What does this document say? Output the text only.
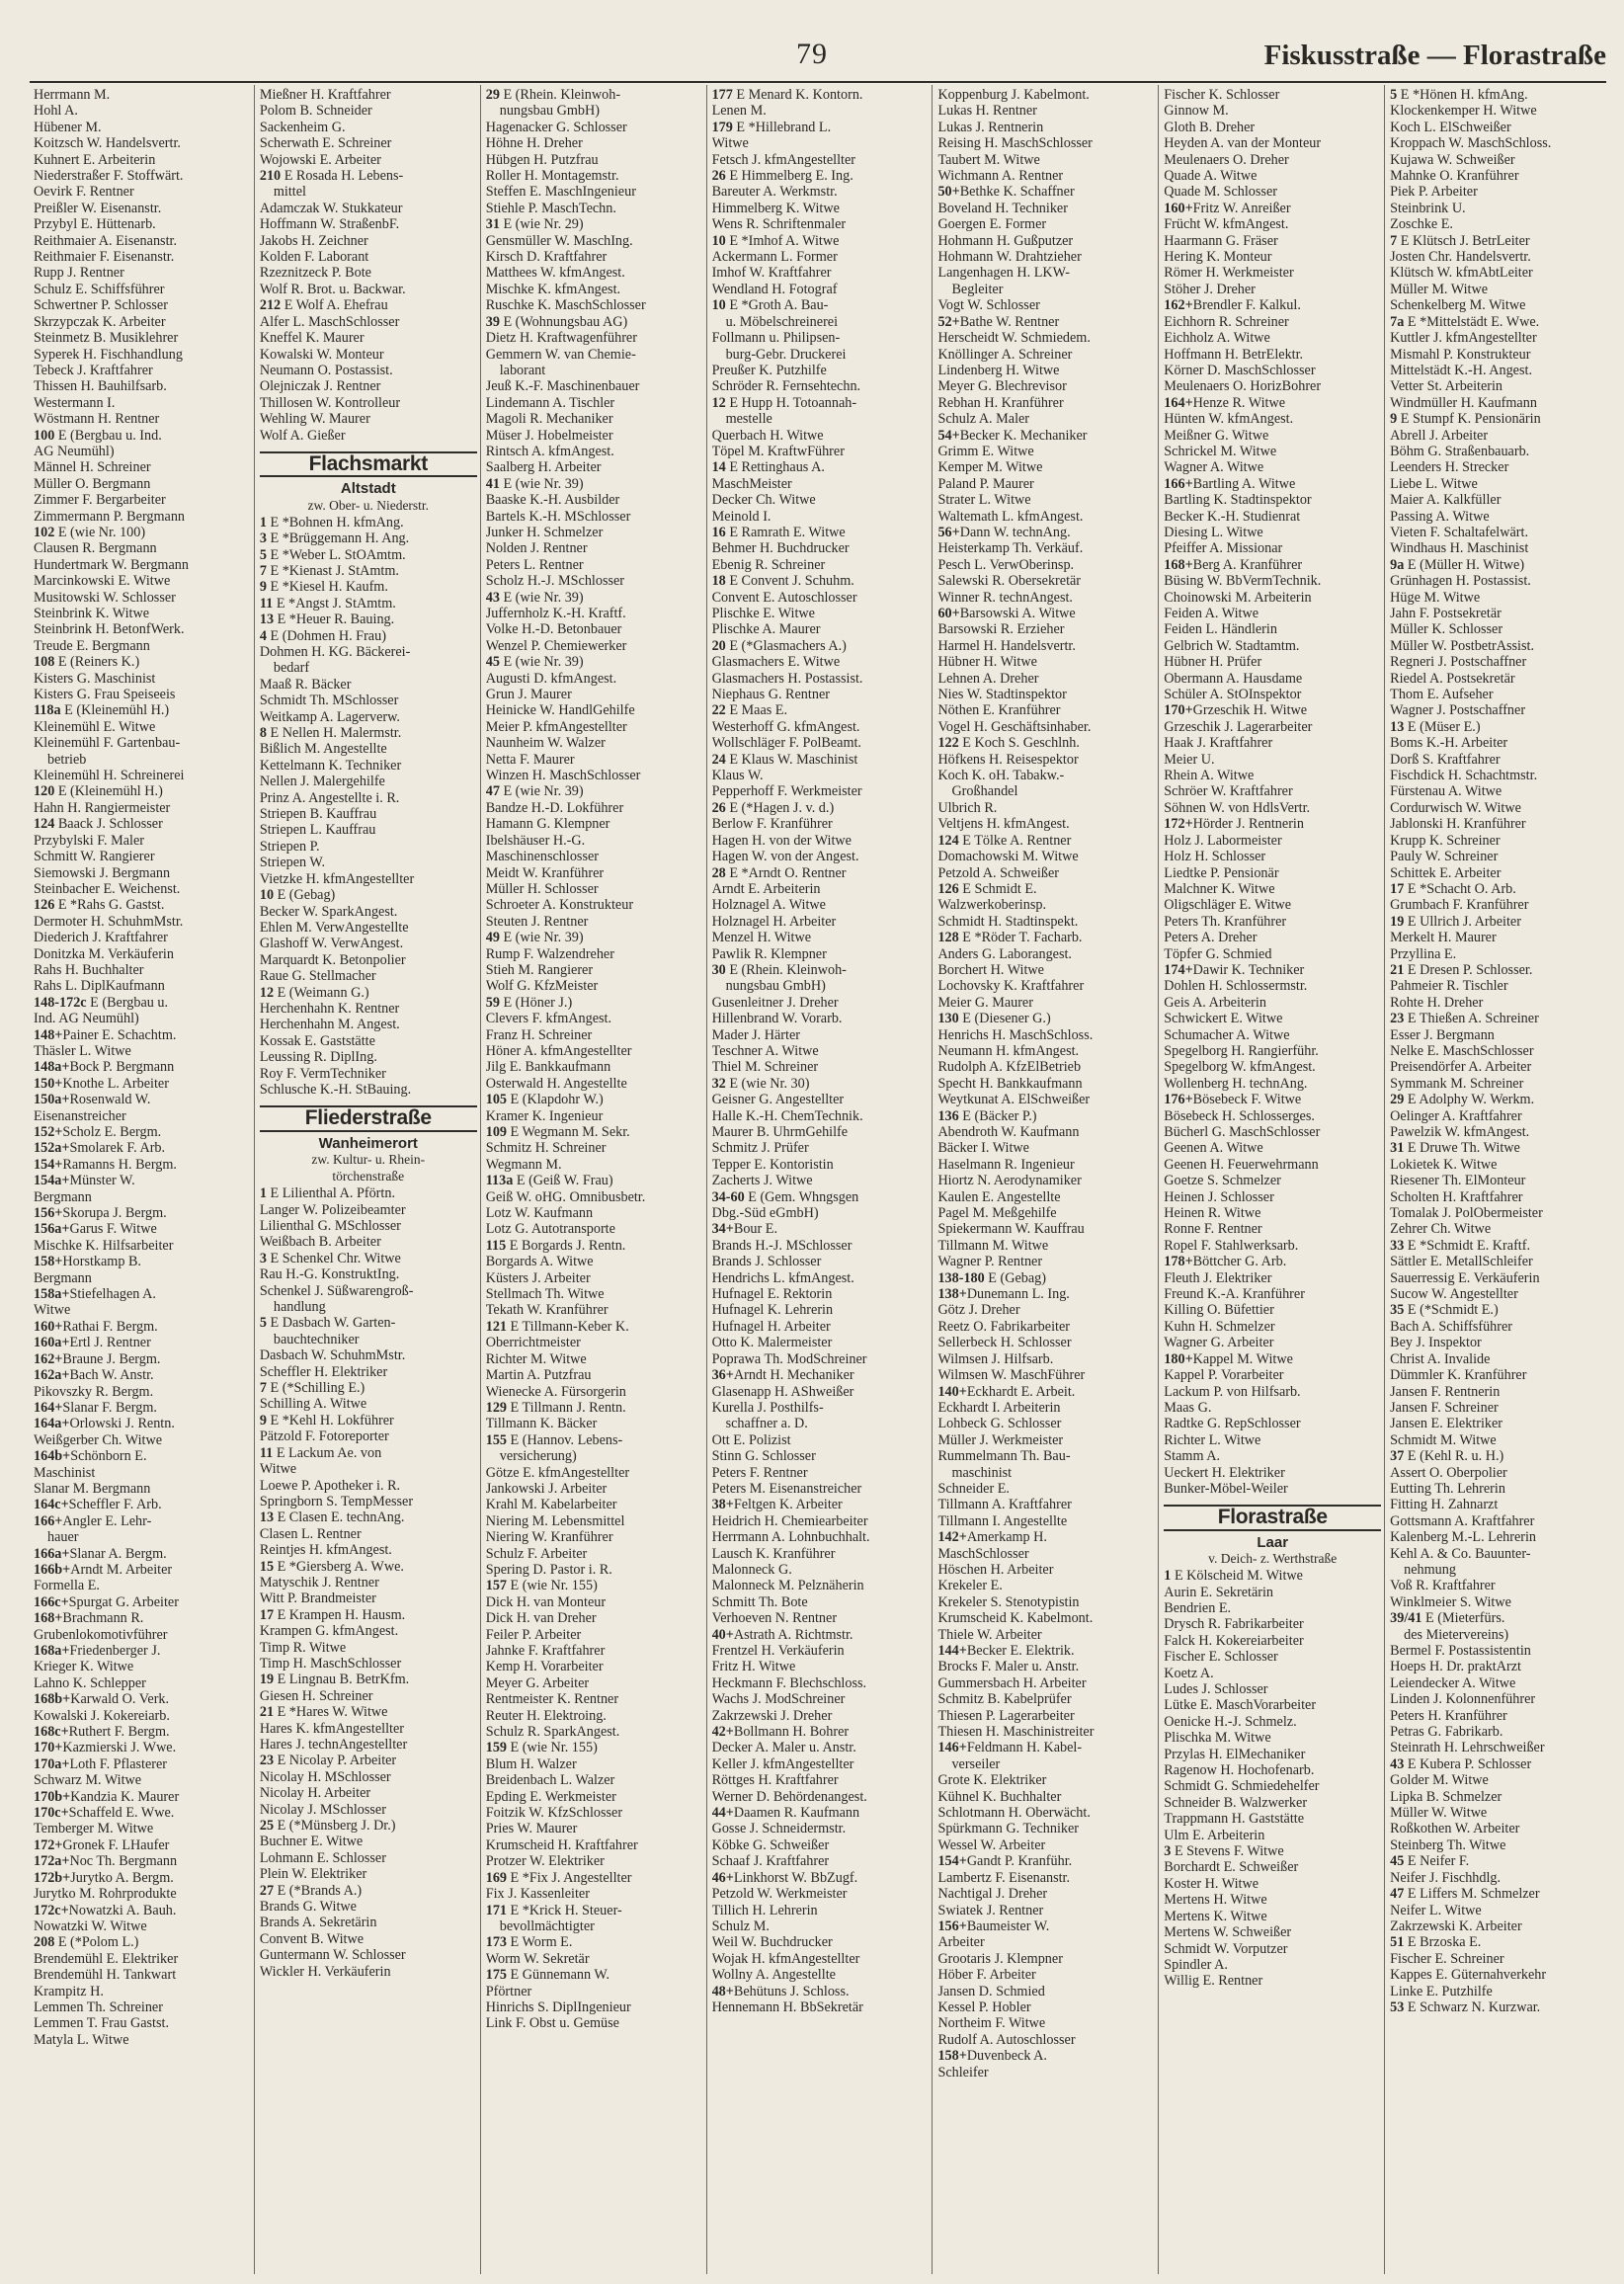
79	Fiskusstraße — Florastraße
Herrmann M.
Hohl A.
Hübener M.
Koitzsch W. Handelsvertr.
Kuhnert E. Arbeiterin
Niederstraßer F. Stoffwärt.
Oevirk F. Rentner
Preißler W. Eisenanstr.
Przybyl E. Hüttenarb.
Reithmaier A. Eisenanstr.
Reithmaier F. Eisenanstr.
Rupp J. Rentner
Schulz E. Schiffsführer
Schwertner P. Schlosser
Skrzypczak K. Arbeiter
Steinmetz B. Musiklehrer
Syperek H. Fischhandlung
Tebeck J. Kraftfahrer
Thissen H. Bauhilfsarb.
Westermann I.
Wöstmann H. Rentner
100 E (Bergbau u. Ind.
AG Neumühl)
Männel H. Schreiner
Müller O. Bergmann
Zimmer F. Bergarbeiter
Zimmermann P. Bergmann
102 E (wie Nr. 100)
Clausen R. Bergmann
Hundertmark W. Bergmann
Marcinkowski E. Witwe
Musitowski W. Schlosser
Steinbrink K. Witwe
Steinbrink H. BetonfWerk.
Treude E. Bergmann
108 E (Reiners K.)
Kisters G. Maschinist
Kisters G. Frau Speiseeis
118a E (Kleinemühl H.)
Kleinemühl E. Witwe
Kleinemühl F. Gartenbau-
betrieb
Kleinemühl H. Schreinerei
120 E (Kleinemühl H.)
Hahn H. Rangiermeister
124 Baack J. Schlosser
Przybylski F. Maler
Schmitt W. Rangierer
Siemowski J. Bergmann
Steinbacher E. Weichenst.
126 E *Rahs G. Gastst.
Dermoter H. SchuhmMstr.
Diederich J. Kraftfahrer
Donitzka M. Verkäuferin
Rahs H. Buchhalter
Rahs L. DiplKaufmann
148-172c E (Bergbau u.
Ind. AG Neumühl)
148+Painer E. Schachtm.
Thäsler L. Witwe
148a+Bock P. Bergmann
150+Knothe L. Arbeiter
150a+Rosenwald W.
Eisenanstreicher
152+Scholz E. Bergm.
152a+Smolarek F. Arb.
154+Ramanns H. Bergm.
154a+Münster W.
Bergmann
156+Skorupa J. Bergm.
156a+Garus F. Witwe
Mischke K. Hilfsarbeiter
158+Horstkamp B.
Bergmann
158a+Stiefelhagen A.
Witwe
160+Rathai F. Bergm.
160a+Ertl J. Rentner
162+Braune J. Bergm.
162a+Bach W. Anstr.
Pikovszky R. Bergm.
164+Slanar F. Bergm.
164a+Orlowski J. Rentn.
Weißgerber Ch. Witwe
164b+Schönborn E.
Maschinist
Slanar M. Bergmann
164c+Scheffler F. Arb.
166+Angler E. Lehr-
hauer
166a+Slanar A. Bergm.
166b+Arndt M. Arbeiter
Formella E.
166c+Spurgat G. Arbeiter
168+Brachmann R.
Grubenlokomotivführer
168a+Friedenberger J.
Krieger K. Witwe
Lahno K. Schlepper
168b+Karwald O. Verk.
Kowalski J. Kokereiarb.
168c+Ruthert F. Bergm.
170+Kazmierski J. Wwe.
170a+Loth F. Pflasterer
Schwarz M. Witwe
170b+Kandzia K. Maurer
170c+Schaffeld E. Wwe.
Temberger M. Witwe
172+Gronek F. LHaufer
172a+Noc Th. Bergmann
172b+Jurytko A. Bergm.
Jurytko M. Rohrprodukte
172c+Nowatzki A. Bauh.
Nowatzki W. Witwe
208 E (*Polom L.)
Brendemühl E. Elektriker
Brendemühl H. Tankwart
Krampitz H.
Lemmen Th. Schreiner
Lemmen T. Frau Gastst.
Matyla L. Witwe
Mießner H. Kraftfahrer
Polom B. Schneider
Sackenheim G.
Scherwath E. Schreiner
Wojowski E. Arbeiter
210 E Rosada H. Lebens-
mittel
Adamczak W. Stukkateur
Hoffmann W. StraßenbF.
Jakobs H. Zeichner
Kolden F. Laborant
Rzeznitzeck P. Bote
Wolf R. Brot. u. Backwar.
212 E Wolf A. Ehefrau
Alfer L. MaschSchlosser
Kneffel K. Maurer
Kowalski W. Monteur
Neumann O. Postassist.
Olejniczak J. Rentner
Thillosen W. Kontrolleur
Wehling W. Maurer
Wolf A. Gießer
Flachsmarkt
Altstadt
zw. Ober- u. Niederstr.
1 E *Bohnen H. kfmAng.
3 E *Brüggemann H. Ang.
5 E *Weber L. StOAmtm.
7 E *Kienast J. StAmtm.
9 E *Kiesel H. Kaufm.
11 E *Angst J. StAmtm.
13 E *Heuer R. Bauing.
4 E (Dohmen H. Frau)
Dohmen H. KG. Bäckerei-
bedarf
Maaß R. Bäcker
Schmidt Th. MSchlosser
Weitkamp A. Lagerverw.
8 E Nellen H. Malermstr.
Bißlich M. Angestellte
Kettelmann K. Techniker
Nellen J. Malergehilfe
Prinz A. Angestellte i. R.
Striepen B. Kauffrau
Striepen L. Kauffrau
Striepen P.
Striepen W.
Vietzke H. kfmAngestellter
10 E (Gebag)
Becker W. SparkAngest.
Ehlen M. VerwAngestellte
Glashoff W. VerwAngest.
Marquardt K. Betonpolier
Raue G. Stellmacher
12 E (Weimann G.)
Herchenhahn K. Rentner
Herchenhahn M. Angest.
Kossak E. Gaststätte
Leussing R. DiplIng.
Roy F. VermTechniker
Schlusche K.-H. StBauing.
Fliederstraße
Wanheimerort
zw. Kultur- u. Rhein-
törchenstraße
1 E Lilienthal A. Pförtn.
Langer W. Polizeibeamter
Lilienthal G. MSchlosser
Weißbach B. Arbeiter
3 E Schenkel Chr. Witwe
Rau H.-G. KonstruktIng.
Schenkel J. Süßwarengroß-
handlung
5 E Dasbach W. Garten-
bauchtechniker
Dasbach W. SchuhmMstr.
Scheffler H. Elektriker
7 E (*Schilling E.)
Schilling A. Witwe
9 E *Kehl H. Lokführer
Pätzold F. Fotoreporter
11 E Lackum Ae. von
Witwe
Loewe P. Apotheker i. R.
Springborn S. TempMesser
13 E Clasen E. technAng.
Clasen L. Rentner
Reintjes H. kfmAngest.
15 E *Giersberg A. Wwe.
Matyschik J. Rentner
Witt P. Brandmeister
17 E Krampen H. Hausm.
Krampen G. kfmAngest.
Timp R. Witwe
Timp H. MaschSchlosser
19 E Lingnau B. BetrKfm.
Giesen H. Schreiner
21 E *Hares W. Witwe
Hares K. kfmAngestellter
Hares J. technAngestellter
23 E Nicolay P. Arbeiter
Nicolay H. MSchlosser
Nicolay H. Arbeiter
Nicolay J. MSchlosser
25 E (*Münsberg J. Dr.)
Buchner E. Witwe
Lohmann E. Schlosser
Plein W. Elektriker
27 E (*Brands A.)
Brands G. Witwe
Brands A. Sekretärin
Convent B. Witwe
Guntermann W. Schlosser
Wickler H. Verkäuferin
29 E (Rhein. Kleinwoh-
nungsbau GmbH)
Hagenacker G. Schlosser
Höhne H. Dreher
Hübgen H. Putzfrau
Roller H. Montagemstr.
Steffen E. MaschIngenieur
Stiehle P. MaschTechn.
31 E (wie Nr. 29)
Gensmüller W. MaschIng.
Kirsch D. Kraftfahrer
Matthees W. kfmAngest.
Mischke K. kfmAngest.
Ruschke K. MaschSchlosser
39 E (Wohnungsbau AG)
Dietz H. Kraftwagenführer
Gemmern W. van Chemie-
laborant
Jeuß K.-F. Maschinenbauer
Lindemann A. Tischler
Magoli R. Mechaniker
Müser J. Hobelmeister
Rintsch A. kfmAngest.
Saalberg H. Arbeiter
41 E (wie Nr. 39)
Baaske K.-H. Ausbilder
Bartels K.-H. MSchlosser
Junker H. Schmelzer
Nolden J. Rentner
Peters L. Rentner
Scholz H.-J. MSchlosser
43 E (wie Nr. 39)
Juffernholz K.-H. Kraftf.
Volke H.-D. Betonbauer
Wenzel P. Chemiewerker
45 E (wie Nr. 39)
Augusti D. kfmAngest.
Grun J. Maurer
Heinicke W. HandlGehilfe
Meier P. kfmAngestellter
Naunheim W. Walzer
Netta F. Maurer
Winzen H. MaschSchlosser
47 E (wie Nr. 39)
Bandze H.-D. Lokführer
Hamann G. Klempner
Ibelshäuser H.-G.
Maschinenschlosser
Meidt W. Kranführer
Müller H. Schlosser
Schroeter A. Konstrukteur
Steuten J. Rentner
49 E (wie Nr. 39)
Rump F. Walzendreher
Stieh M. Rangierer
Wolf G. KfzMeister
59 E (Höner J.)
Clevers F. kfmAngest.
Franz H. Schreiner
Höner A. kfmAngestellter
Jilg E. Bankkaufmann
Osterwald H. Angestellte
105 E (Klapdohr W.)
Kramer K. Ingenieur
109 E Wegmann M. Sekr.
Schmitz H. Schreiner
Wegmann M.
113a E (Geiß W. Frau)
Geiß W. oHG. Omnibusbetr.
Lotz W. Kaufmann
Lotz G. Autotransporte
115 E Borgards J. Rentn.
Borgards A. Witwe
Küsters J. Arbeiter
Stellmach Th. Witwe
Tekath W. Kranführer
121 E Tillmann-Keber K.
Oberrichtmeister
Richter M. Witwe
Martin A. Putzfrau
Wienecke A. Fürsorgerin
129 E Tillmann J. Rentn.
Tillmann K. Bäcker
155 E (Hannov. Lebens-
versicherung)
Götze E. kfmAngestellter
Jankowski J. Arbeiter
Krahl M. Kabelarbeiter
Niering M. Lebensmittel
Niering W. Kranführer
Schulz F. Arbeiter
Spering D. Pastor i. R.
157 E (wie Nr. 155)
Dick H. van Monteur
Dick H. van Dreher
Feiler P. Arbeiter
Jahnke F. Kraftfahrer
Kemp H. Vorarbeiter
Meyer G. Arbeiter
Rentmeister K. Rentner
Reuter H. Elektroing.
Schulz R. SparkAngest.
159 E (wie Nr. 155)
Blum H. Walzer
Breidenbach L. Walzer
Epding E. Werkmeister
Foitzik W. KfzSchlosser
Pries W. Maurer
Krumscheid H. Kraftfahrer
Protzer W. Elektriker
169 E *Fix J. Angestellter
Fix J. Kassenleiter
171 E *Krick H. Steuer-
bevollmächtigter
173 E Worm E.
Worm W. Sekretär
175 E Günnemann W.
Pförtner
Hinrichs S. DiplIngenieur
Link F. Obst u. Gemüse
177 E Menard K. Kontorn.
Lenen M.
179 E *Hillebrand L.
Witwe
Fetsch J. kfmAngestellter
26 E Himmelberg E. Ing.
Bareuter A. Werkmstr.
Himmelberg K. Witwe
Wens R. Schriftenmaler
10 E *Imhof A. Witwe
Ackermann L. Former
Imhof W. Kraftfahrer
Wendland H. Fotograf
10 E *Groth A. Bau-
u. Möbelschreinerei
Follmann u. Philipsen-
burg-Gebr. Druckerei
Preußer K. Putzhilfe
Schröder R. Fernsehtechn.
12 E Hupp H. Totoannah-
mestelle
Querbach H. Witwe
Töpel M. KraftwFührer
14 E Rettinghaus A.
MaschMeister
Decker Ch. Witwe
Meinold I.
16 E Ramrath E. Witwe
Behmer H. Buchdrucker
Ebenig R. Schreiner
18 E Convent J. Schuhm.
Convent E. Autoschlosser
Plischke E. Witwe
Plischke A. Maurer
20 E (*Glasmachers A.)
Glasmachers E. Witwe
Glasmachers H. Postassist.
Niephaus G. Rentner
22 E Maas E.
Westerhoff G. kfmAngest.
Wollschläger F. PolBeamt.
24 E Klaus W. Maschinist
Klaus W.
Pepperhoff F. Werkmeister
26 E (*Hagen J. v. d.)
Berlow F. Kranführer
Hagen H. von der Witwe
Hagen W. von der Angest.
28 E *Arndt O. Rentner
Arndt E. Arbeiterin
Holznagel A. Witwe
Holznagel H. Arbeiter
Menzel H. Witwe
Pawlik R. Klempner
30 E (Rhein. Kleinwoh-
nungsbau GmbH)
Gusenleitner J. Dreher
Hillenbrand W. Vorarb.
Mader J. Härter
Teschner A. Witwe
Thiel M. Schreiner
32 E (wie Nr. 30)
Geisner G. Angestellter
Halle K.-H. ChemTechnik.
Maurer B. UhrmGehilfe
Schmitz J. Prüfer
Tepper E. Kontoristin
Zacherts J. Witwe
34-60 E (Gem. Whngsgen
Dbg.-Süd eGmbH)
34+Bour E.
Brands H.-J. MSchlosser
Brands J. Schlosser
Hendrichs L. kfmAngest.
Hufnagel E. Rektorin
Hufnagel K. Lehrerin
Hufnagel H. Arbeiter
Otto K. Malermeister
Poprawa Th. ModSchreiner
36+Arndt H. Mechaniker
Glasenapp H. AShweißer
Kurella J. Posthilfs-
schaffner a. D.
Ott E. Polizist
Stinn G. Schlosser
Peters F. Rentner
Peters M. Eisenanstreicher
38+Feltgen K. Arbeiter
Heidrich H. Chemiearbeiter
Herrmann A. Lohnbuchhalt.
Lausch K. Kranführer
Malonneck G.
Malonneck M. Pelznäherin
Schmitt Th. Bote
Verhoeven N. Rentner
40+Astrath A. Richtmstr.
Frentzel H. Verkäuferin
Fritz H. Witwe
Heckmann F. Blechschloss.
Wachs J. ModSchreiner
Zakrzewski J. Dreher
42+Bollmann H. Bohrer
Decker A. Maler u. Anstr.
Keller J. kfmAngestellter
Röttges H. Kraftfahrer
Werner D. Behördenangest.
44+Daamen R. Kaufmann
Gosse J. Schneidermstr.
Köbke G. Schweißer
Schaaf J. Kraftfahrer
46+Linkhorst W. BbZugf.
Petzold W. Werkmeister
Tillich H. Lehrerin
Schulz M.
Weil W. Buchdrucker
Wojak H. kfmAngestellter
Wollny A. Angestellte
48+Behütuns J. Schloss.
Hennemann H. BbSekretär
Koppenburg J. Kabelmont.
Lukas H. Rentner
Lukas J. Rentnerin
Reising H. MaschSchlosser
Taubert M. Witwe
Wichmann A. Rentner
50+Bethke K. Schaffner
Boveland H. Techniker
Goergen E. Former
Hohmann H. Gußputzer
Hohmann W. Drahtzieher
Langenhagen H. LKW-
Begleiter
Vogt W. Schlosser
52+Bathe W. Rentner
Herscheidt W. Schmiedem.
Knöllinger A. Schreiner
Lindenberg H. Witwe
Meyer G. Blechrevisor
Rebhan H. Kranführer
Schulz A. Maler
54+Becker K. Mechaniker
Grimm E. Witwe
Kemper M. Witwe
Paland P. Maurer
Strater L. Witwe
Waltemath L. kfmAngest.
56+Dann W. technAng.
Heisterkamp Th. Verkäuf.
Pesch L. VerwOberinsp.
Salewski R. Obersekretär
Winner R. technAngest.
60+Barsowski A. Witwe
Barsowski R. Erzieher
Harmel H. Handelsvertr.
Hübner H. Witwe
Lehnen A. Dreher
Nies W. Stadtinspektor
Nöthen E. Kranführer
Vogel H. Geschäftsinhaber.
122 E Koch S. Geschlnh.
Höfkens H. Reisespektor
Koch K. oH. Tabakw.-
Großhandel
Ulbrich R.
Veltjens H. kfmAngest.
124 E Tölke A. Rentner
Domachowski M. Witwe
Petzold A. Schweißer
126 E Schmidt E.
Walzwerkoberinsp.
Schmidt H. Stadtinspekt.
128 E *Röder T. Facharb.
Anders G. Laborangest.
Borchert H. Witwe
Lochovsky K. Kraftfahrer
Meier G. Maurer
130 E (Diesener G.)
Henrichs H. MaschSchloss.
Neumann H. kfmAngest.
Rudolph A. KfzElBetrieb
Specht H. Bankkaufmann
Weytkunat A. ElSchweißer
136 E (Bäcker P.)
Abendroth W. Kaufmann
Bäcker I. Witwe
Haselmann R. Ingenieur
Hiortz N. Aerodynamiker
Kaulen E. Angestellte
Pagel M. Meßgehilfe
Spiekermann W. Kauffrau
Tillmann M. Witwe
Wagner P. Rentner
138-180 E (Gebag)
138+Dunemann L. Ing.
Götz J. Dreher
Reetz O. Fabrikarbeiter
Sellerbeck H. Schlosser
Wilmsen J. Hilfsarb.
Wilmsen W. MaschFührer
140+Eckhardt E. Arbeit.
Eckhardt I. Arbeiterin
Lohbeck G. Schlosser
Müller J. Werkmeister
Rummelmann Th. Bau-
maschinist
Schneider E.
Tillmann A. Kraftfahrer
Tillmann I. Angestellte
142+Amerkamp H.
MaschSchlosser
Höschen H. Arbeiter
Krekeler E.
Krekeler S. Stenotypistin
Krumscheid K. Kabelmont.
Thiele W. Arbeiter
144+Becker E. Elektrik.
Brocks F. Maler u. Anstr.
Gummersbach H. Arbeiter
Schmitz B. Kabelprüfer
Thiesen P. Lagerarbeiter
Thiesen H. Maschinistreiter
146+Feldmann H. Kabel-
verseiler
Grote K. Elektriker
Kühnel K. Buchhalter
Schlotmann H. Oberwächt.
Spürkmann G. Techniker
Wessel W. Arbeiter
154+Gandt P. Kranführ.
Lambertz F. Eisenanstr.
Nachtigal J. Dreher
Swiatek J. Rentner
156+Baumeister W.
Arbeiter
Grootaris J. Klempner
Höber F. Arbeiter
Jansen D. Schmied
Kessel P. Hobler
Northeim F. Witwe
Rudolf A. Autoschlosser
158+Duvenbeck A.
Schleifer
Fischer K. Schlosser
Ginnow M.
Gloth B. Dreher
Heyden A. van der Monteur
Meulenaers O. Dreher
Quade A. Witwe
Quade M. Schlosser
160+Fritz W. Anreißer
Frücht W. kfmAngest.
Haarmann G. Fräser
Hering K. Monteur
Römer H. Werkmeister
Stöher J. Dreher
162+Brendler F. Kalkul.
Eichhorn R. Schreiner
Eichholz A. Witwe
Hoffmann H. BetrElektr.
Körner D. MaschSchlosser
Meulenaers O. HorizBohrer
164+Henze R. Witwe
Hünten W. kfmAngest.
Meißner G. Witwe
Schrickel M. Witwe
Wagner A. Witwe
166+Bartling A. Witwe
Bartling K. Stadtinspektor
Becker K.-H. Studienrat
Diesing L. Witwe
Pfeiffer A. Missionar
168+Berg A. Kranführer
Büsing W. BbVermTechnik.
Choinowski M. Arbeiterin
Feiden A. Witwe
Feiden L. Händlerin
Gelbrich W. Stadtamtm.
Hübner H. Prüfer
Obermann A. Hausdame
Schüler A. StOInspektor
170+Grzeschik H. Witwe
Grzeschik J. Lagerarbeiter
Haak J. Kraftfahrer
Meier U.
Rhein A. Witwe
Schröer W. Kraftfahrer
Söhnen W. von HdlsVertr.
172+Hörder J. Rentnerin
Holz J. Labormeister
Holz H. Schlosser
Liedtke P. Pensionär
Malchner K. Witwe
Oligschläger E. Witwe
Peters Th. Kranführer
Peters A. Dreher
Töpfer G. Schmied
174+Dawir K. Techniker
Dohlen H. Schlossermstr.
Geis A. Arbeiterin
Schwickert E. Witwe
Schumacher A. Witwe
Spegelborg H. Rangierführ.
Spegelborg W. kfmAngest.
Wollenberg H. technAng.
176+Bösebeck F. Witwe
Bösebeck H. Schlosserges.
Bücherl G. MaschSchlosser
Geenen A. Witwe
Geenen H. Feuerwehrmann
Goetze S. Schmelzer
Heinen J. Schlosser
Heinen R. Witwe
Ronne F. Rentner
Ropel F. Stahlwerksarb.
178+Böttcher G. Arb.
Fleuth J. Elektriker
Freund K.-A. Kranführer
Killing O. Büfettier
Kuhn H. Schmelzer
Wagner G. Arbeiter
180+Kappel M. Witwe
Kappel P. Vorarbeiter
Lackum P. von Hilfsarb.
Maas G.
Radtke G. RepSchlosser
Richter L. Witwe
Stamm A.
Ueckert H. Elektriker
Bunker-Möbel-Weiler
Florastraße
Laar
v. Deich- z. Werthstraße
1 E Kölscheid M. Witwe
Aurin E. Sekretärin
Bendrien E.
Drysch R. Fabrikarbeiter
Falck H. Kokereiarbeiter
Fischer E. Schlosser
Koetz A.
Ludes J. Schlosser
Lütke E. MaschVorarbeiter
Oenicke H.-J. Schmelz.
Plischka M. Witwe
Przylas H. ElMechaniker
Ragenow H. Hochofenarb.
Schmidt G. Schmiedehelfer
Schneider B. Walzwerker
Trappmann H. Gaststätte
Ulm E. Arbeiterin
3 E Stevens F. Witwe
Borchardt E. Schweißer
Koster H. Witwe
Mertens H. Witwe
Mertens K. Witwe
Mertens W. Schweißer
Schmidt W. Vorputzer
Spindler A.
Willig E. Rentner
5 E *Hönen H. kfmAng.
Klockenkemper H. Witwe
Koch L. ElSchweißer
Kroppach W. MaschSchloss.
Kujawa W. Schweißer
Mahnke O. Kranführer
Piek P. Arbeiter
Steinbrink U.
Zoschke E.
7 E Klütsch J. BetrLeiter
Josten Chr. Handelsvertr.
Klütsch W. kfmAbtLeiter
Müller M. Witwe
Schenkelberg M. Witwe
7a E *Mittelstädt E. Wwe.
Kuttler J. kfmAngestellter
Mismahl P. Konstrukteur
Mittelstädt K.-H. Angest.
Vetter St. Arbeiterin
Windmüller H. Kaufmann
9 E Stumpf K. Pensionärin
Abrell J. Arbeiter
Böhm G. Straßenbauarb.
Leenders H. Strecker
Liebe L. Witwe
Maier A. Kalkfüller
Passing A. Witwe
Vieten F. Schaltafelwärt.
Windhaus H. Maschinist
9a E (Müller H. Witwe)
Grünhagen H. Postassist.
Hüge M. Witwe
Jahn F. Postsekretär
Müller K. Schlosser
Müller W. PostbetrAssist.
Regneri J. Postschaffner
Riedel A. Postsekretär
Thom E. Aufseher
Wagner J. Postschaffner
13 E (Müser E.)
Boms K.-H. Arbeiter
Dorß S. Kraftfahrer
Fischdick H. Schachtmstr.
Fürstenau A. Witwe
Cordurwisch W. Witwe
Jablonski H. Kranführer
Krupp K. Schreiner
Pauly W. Schreiner
Schittek E. Arbeiter
17 E *Schacht O. Arb.
Grumbach F. Kranführer
19 E Ullrich J. Arbeiter
Merkelt H. Maurer
Przyllina E.
21 E Dresen P. Schlosser.
Pahmeier R. Tischler
Rohte H. Dreher
23 E Thießen A. Schreiner
Esser J. Bergmann
Nelke E. MaschSchlosser
Preisendörfer A. Arbeiter
Symmank M. Schreiner
29 E Adolphy W. Werkm.
Oelinger A. Kraftfahrer
Pawelzik W. kfmAngest.
31 E Druwe Th. Witwe
Lokietek K. Witwe
Riesener Th. ElMonteur
Scholten H. Kraftfahrer
Tomalak J. PolObermeister
Zehrer Ch. Witwe
33 E *Schmidt E. Kraftf.
Sättler E. MetallSchleifer
Sauerressig E. Verkäuferin
Sucow W. Angestellter
35 E (*Schmidt E.)
Bach A. Schiffsführer
Bey J. Inspektor
Christ A. Invalide
Dümmler K. Kranführer
Jansen F. Rentnerin
Jansen F. Schreiner
Jansen E. Elektriker
Schmidt M. Witwe
37 E (Kehl R. u. H.)
Assert O. Oberpolier
Eutting Th. Lehrerin
Fitting H. Zahnarzt
Gottsmann A. Kraftfahrer
Kalenberg M.-L. Lehrerin
Kehl A. & Co. Bauunter-
nehmung
Voß R. Kraftfahrer
Winklmeier S. Witwe
39/41 E (Mieterfürs.
des Mietervereins)
Bermel F. Postassistentin
Hoeps H. Dr. praktArzt
Leiendecker A. Witwe
Linden J. Kolonnenführer
Peters H. Kranführer
Petras G. Fabrikarb.
Steinrath H. Lehrschweißer
43 E Kubera P. Schlosser
Golder M. Witwe
Lipka B. Schmelzer
Müller W. Witwe
Roßkothen W. Arbeiter
Steinberg Th. Witwe
45 E Neifer F.
Neifer J. Fischhdlg.
47 E Liffers M. Schmelzer
Neifer L. Witwe
Zakrzewski K. Arbeiter
51 E Brzoska E.
Fischer E. Schreiner
Kappes E. Güternahverkehr
Linke E. Putzhilfe
53 E Schwarz N. Kurzwar.
